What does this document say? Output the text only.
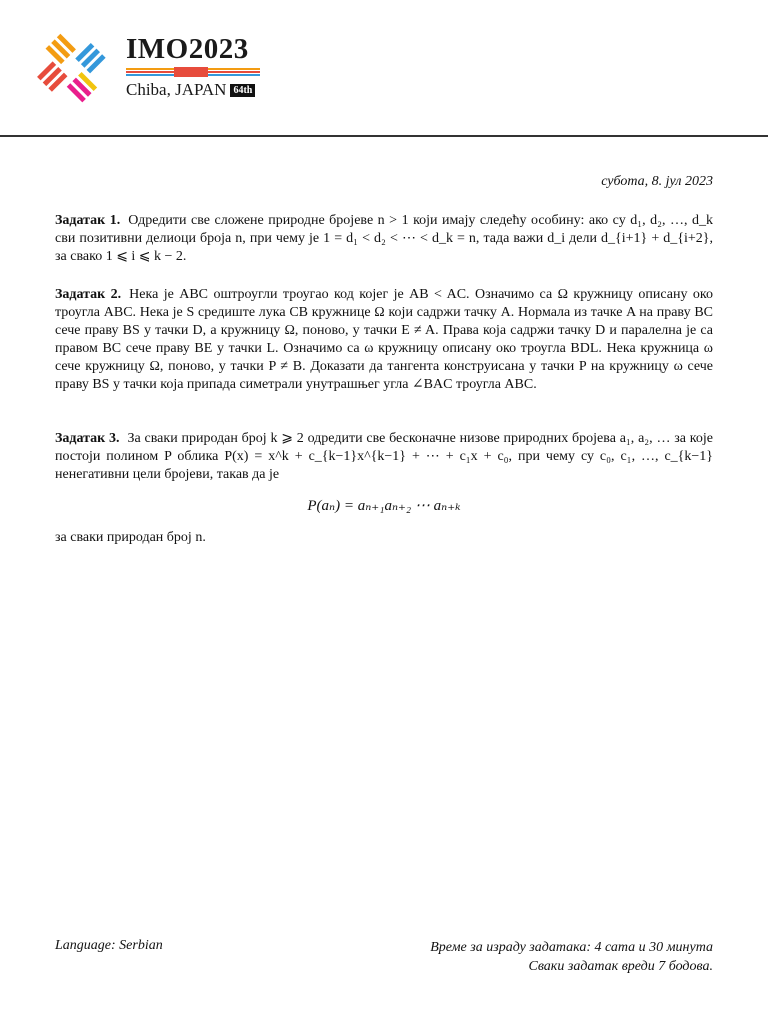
IMO2023
Chiba, JAPAN 64th
субота, 8. јул 2023
Задатак 1. Одредити све сложене природне бројеве n > 1 који имају следећу особину: ако су d₁, d₂, …, d_k сви позитивни делиоци броја n, при чему је 1 = d₁ < d₂ < ⋯ < d_k = n, тада важи d_i дели d_{i+1} + d_{i+2}, за свако 1 ⩽ i ⩽ k − 2.
Задатак 2. Нека је ABC оштроугли троугао код којег је AB < AC. Означимо са Ω кружницу описану око троугла ABC. Нека је S средиште лука CB кружнице Ω који садржи тачку A. Нормала из тачке A на праву BC сече праву BS у тачки D, а кружницу Ω, поново, у тачки E ≠ A. Права која садржи тачку D и паралелна је са правом BC сече праву BE у тачки L. Означимо са ω кружницу описану око троугла BDL. Нека кружница ω сече кружницу Ω, поново, у тачки P ≠ B. Доказати да тангента конструисана у тачки P на кружницу ω сече праву BS у тачки која припада симетрали унутрашњег угла ∠BAC троугла ABC.
Задатак 3. За сваки природан број k ⩾ 2 одредити све бесконачне низове природних бројева a₁, a₂, … за које постоји полином P облика P(x) = x^k + c_{k−1}x^{k−1} + ⋯ + c₁x + c₀, при чему су c₀, c₁, …, c_{k−1} ненегативни цели бројеви, такав да је
P(aₙ) = aₙ₊₁aₙ₊₂ ⋯ aₙ₊ₖ
за сваки природан број n.
Language: Serbian	Време за израду задатака: 4 сата и 30 минута
Сваки задатак вреди 7 бодова.
